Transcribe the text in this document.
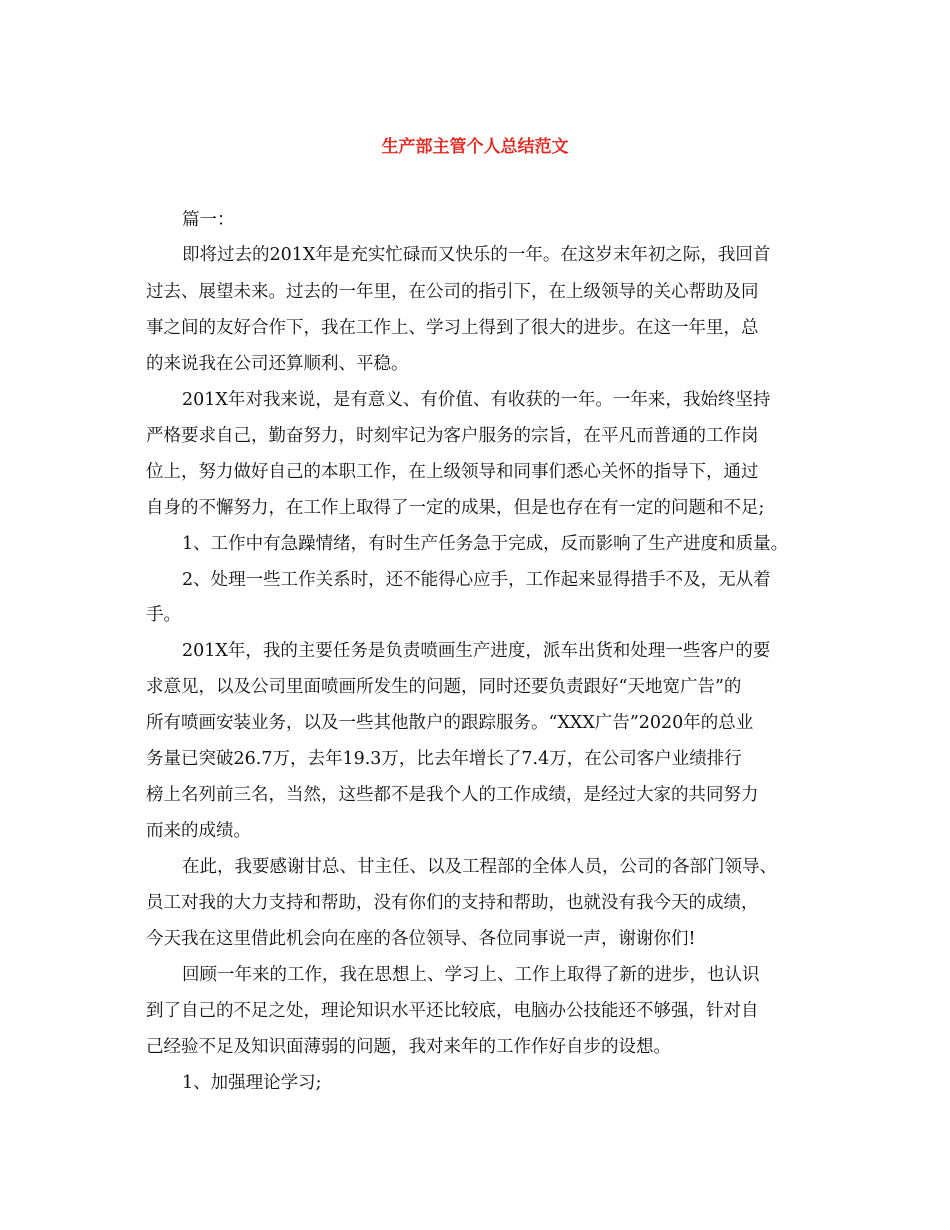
生产部主管个人总结范文
篇一：
即将过去的201X年是充实忙碌而又快乐的一年。在这岁末年初之际，我回首
过去、展望未来。过去的一年里，在公司的指引下，在上级领导的关心帮助及同
事之间的友好合作下，我在工作上、学习上得到了很大的进步。在这一年里，总
的来说我在公司还算顺利、平稳。
201X年对我来说，是有意义、有价值、有收获的一年。一年来，我始终坚持
严格要求自己，勤奋努力，时刻牢记为客户服务的宗旨，在平凡而普通的工作岗
位上，努力做好自己的本职工作，在上级领导和同事们悉心关怀的指导下，通过
自身的不懈努力，在工作上取得了一定的成果，但是也存在有一定的问题和不足;
1、工作中有急躁情绪，有时生产任务急于完成，反而影响了生产进度和质量。
2、处理一些工作关系时，还不能得心应手，工作起来显得措手不及，无从着
手。
201X年，我的主要任务是负责喷画生产进度，派车出货和处理一些客户的要
求意见，以及公司里面喷画所发生的问题，同时还要负责跟好“天地宽广告”的
所有喷画安装业务，以及一些其他散户的跟踪服务。“XXX广告”2020年的总业
务量已突破26.7万，去年19.3万，比去年增长了7.4万，在公司客户业绩排行
榜上名列前三名，当然，这些都不是我个人的工作成绩，是经过大家的共同努力
而来的成绩。
在此，我要感谢甘总、甘主任、以及工程部的全体人员，公司的各部门领导、
员工对我的大力支持和帮助，没有你们的支持和帮助，也就没有我今天的成绩，
今天我在这里借此机会向在座的各位领导、各位同事说一声，谢谢你们!
回顾一年来的工作，我在思想上、学习上、工作上取得了新的进步，也认识
到了自己的不足之处，理论知识水平还比较底，电脑办公技能还不够强，针对自
己经验不足及知识面薄弱的问题，我对来年的工作作好自步的设想。
1、加强理论学习;
